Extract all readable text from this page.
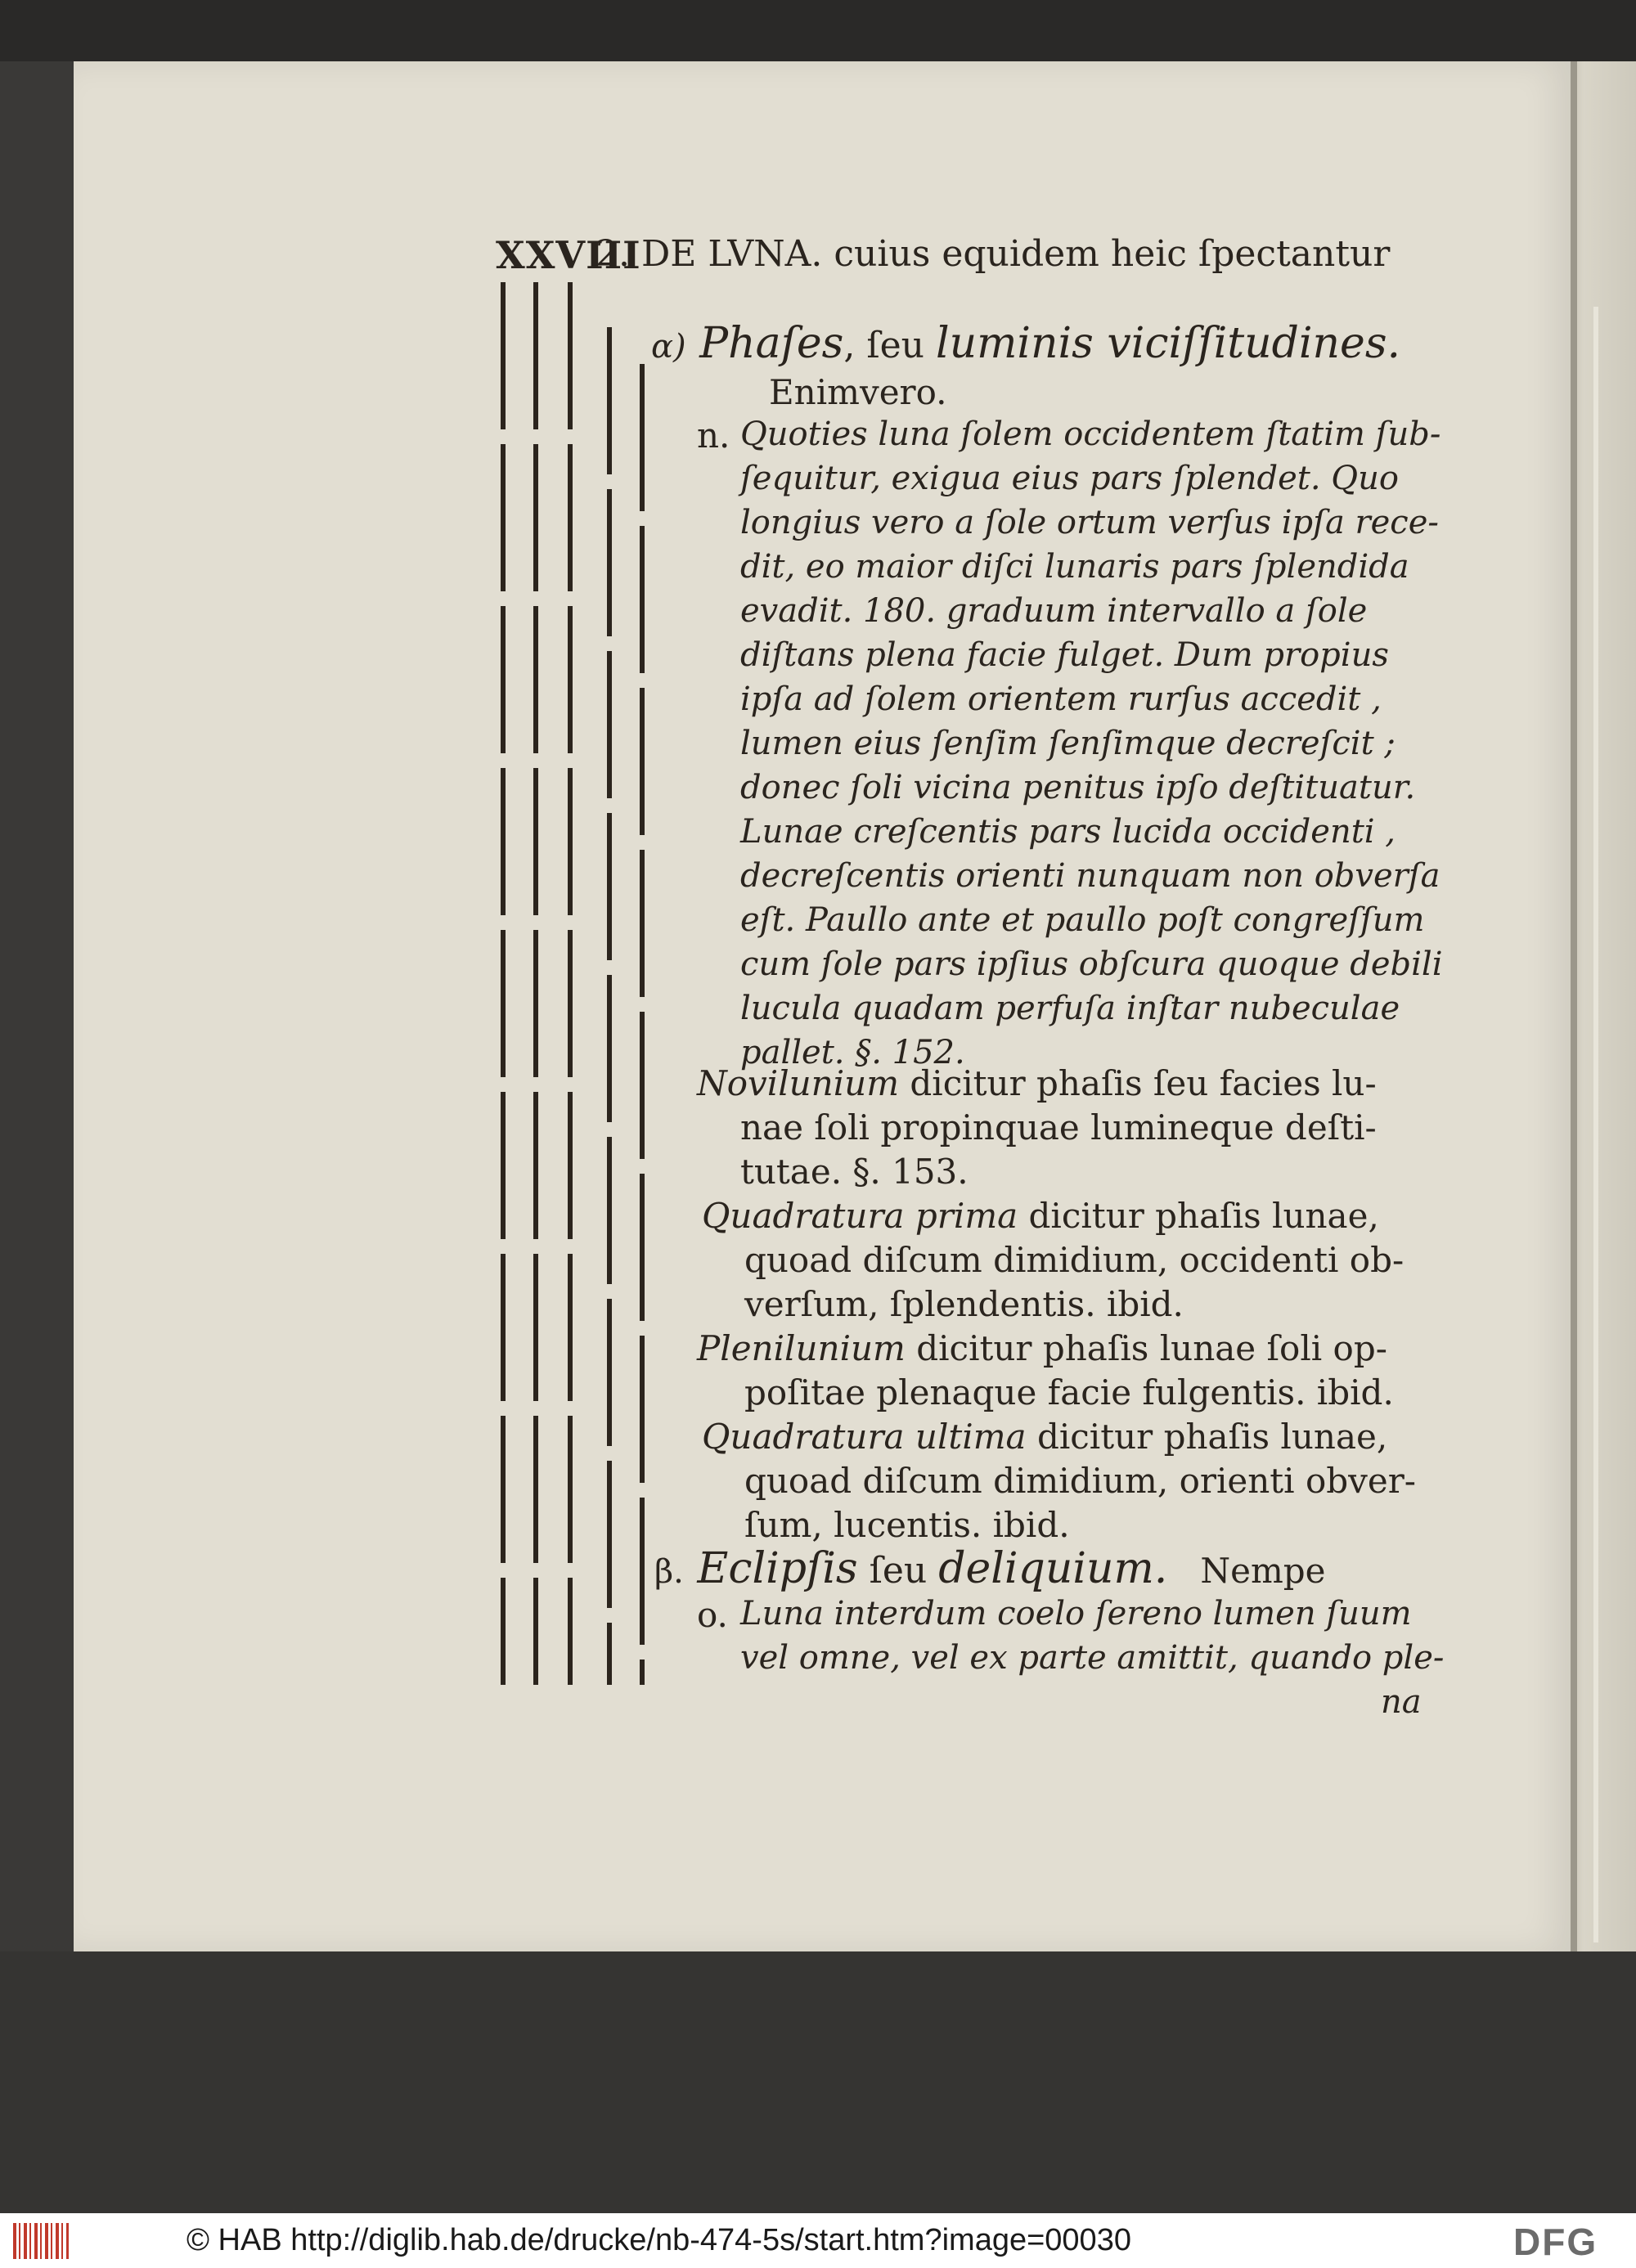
XXVIII
2. DE LVNA. cuius equidem heic ſpectantur
α) Phaſes, ſeu luminis viciſſitudines.
Enimvero.
n. Quoties luna ſolem occidentem ſtatim ſub-
ſequitur, exigua eius pars ſplendet. Quo
longius vero a ſole ortum verſus ipſa rece-
dit, eo maior diſci lunaris pars ſplendida
evadit. 180. graduum intervallo a ſole
diſtans plena facie fulget. Dum propius
ipſa ad ſolem orientem rurſus accedit ,
lumen eius ſenſim ſenſimque decreſcit ;
donec ſoli vicina penitus ipſo deſtituatur.
Lunae creſcentis pars lucida occidenti ,
decreſcentis orienti nunquam non obverſa
eſt. Paullo ante et paullo poſt congreſſum
cum ſole pars ipſius obſcura quoque debili
lucula quadam perfuſa inſtar nubeculae
pallet. §. 152.
Novilunium dicitur phaſis ſeu facies lu-
nae ſoli propinquae lumineque deſti-
tutae. §. 153.
Quadratura prima dicitur phaſis lunae,
quoad diſcum dimidium, occidenti ob-
verſum, ſplendentis. ibid.
Plenilunium dicitur phaſis lunae ſoli op-
poſitae plenaque facie fulgentis. ibid.
Quadratura ultima dicitur phaſis lunae,
quoad diſcum dimidium, orienti obver-
ſum, lucentis. ibid.
β. Eclipſis ſeu deliquium.   Nempe
o. Luna interdum coelo ſereno lumen ſuum
vel omne, vel ex parte amittit, quando ple-
na
© HAB http://diglib.hab.de/drucke/nb-474-5s/start.htm?image=00030	DFG
